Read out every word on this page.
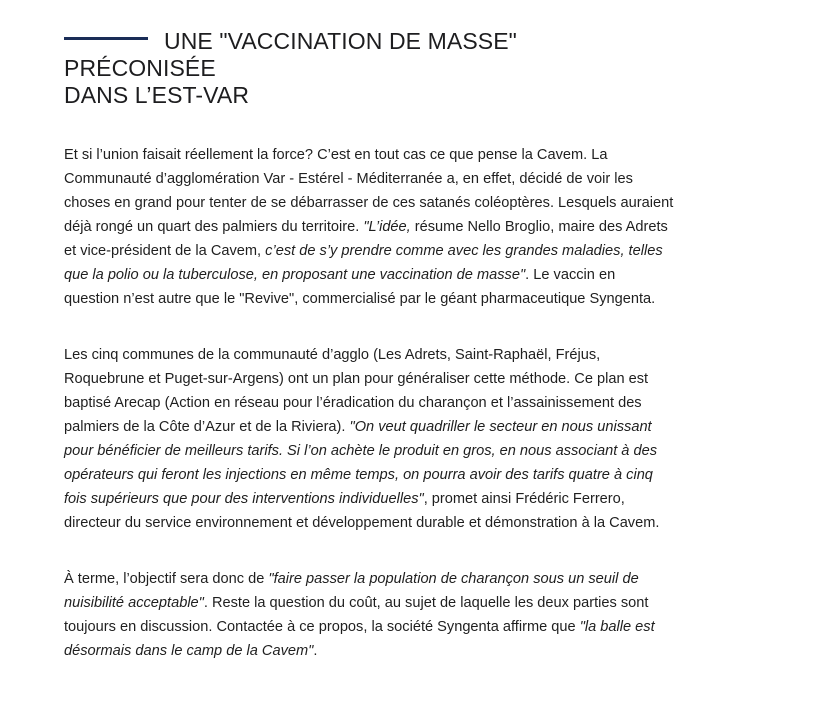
UNE "VACCINATION DE MASSE" PRÉCONISÉE
DANS L’EST-VAR

Et si l’union faisait réellement la force? C’est en tout cas ce que pense la Cavem. La Communauté d’agglomération Var - Estérel - Méditerranée a, en effet, décidé de voir les choses en grand pour tenter de se débarrasser de ces satanés coléoptères. Lesquels auraient déjà rongé un quart des palmiers du territoire. "L’idée, résume Nello Broglio, maire des Adrets et vice-président de la Cavem, c’est de s’y prendre comme avec les grandes maladies, telles que la polio ou la tuberculose, en proposant une vaccination de masse". Le vaccin en question n’est autre que le "Revive", commercialisé par le géant pharmaceutique Syngenta.

Les cinq communes de la communauté d’agglo (Les Adrets, Saint-Raphaël, Fréjus, Roquebrune et Puget-sur-Argens) ont un plan pour généraliser cette méthode. Ce plan est baptisé Arecap (Action en réseau pour l’éradication du charançon et l’assainissement des palmiers de la Côte d’Azur et de la Riviera). "On veut quadriller le secteur en nous unissant pour bénéficier de meilleurs tarifs. Si l’on achète le produit en gros, en nous associant à des opérateurs qui feront les injections en même temps, on pourra avoir des tarifs quatre à cinq fois supérieurs que pour des interventions individuelles", promet ainsi Frédéric Ferrero, directeur du service environnement et développement durable et démonstration à la Cavem.

À terme, l’objectif sera donc de "faire passer la population de charançon sous un seuil de nuisibilité acceptable". Reste la question du coût, au sujet de laquelle les deux parties sont toujours en discussion. Contactée à ce propos, la société Syngenta affirme que "la balle est désormais dans le camp de la Cavem".
